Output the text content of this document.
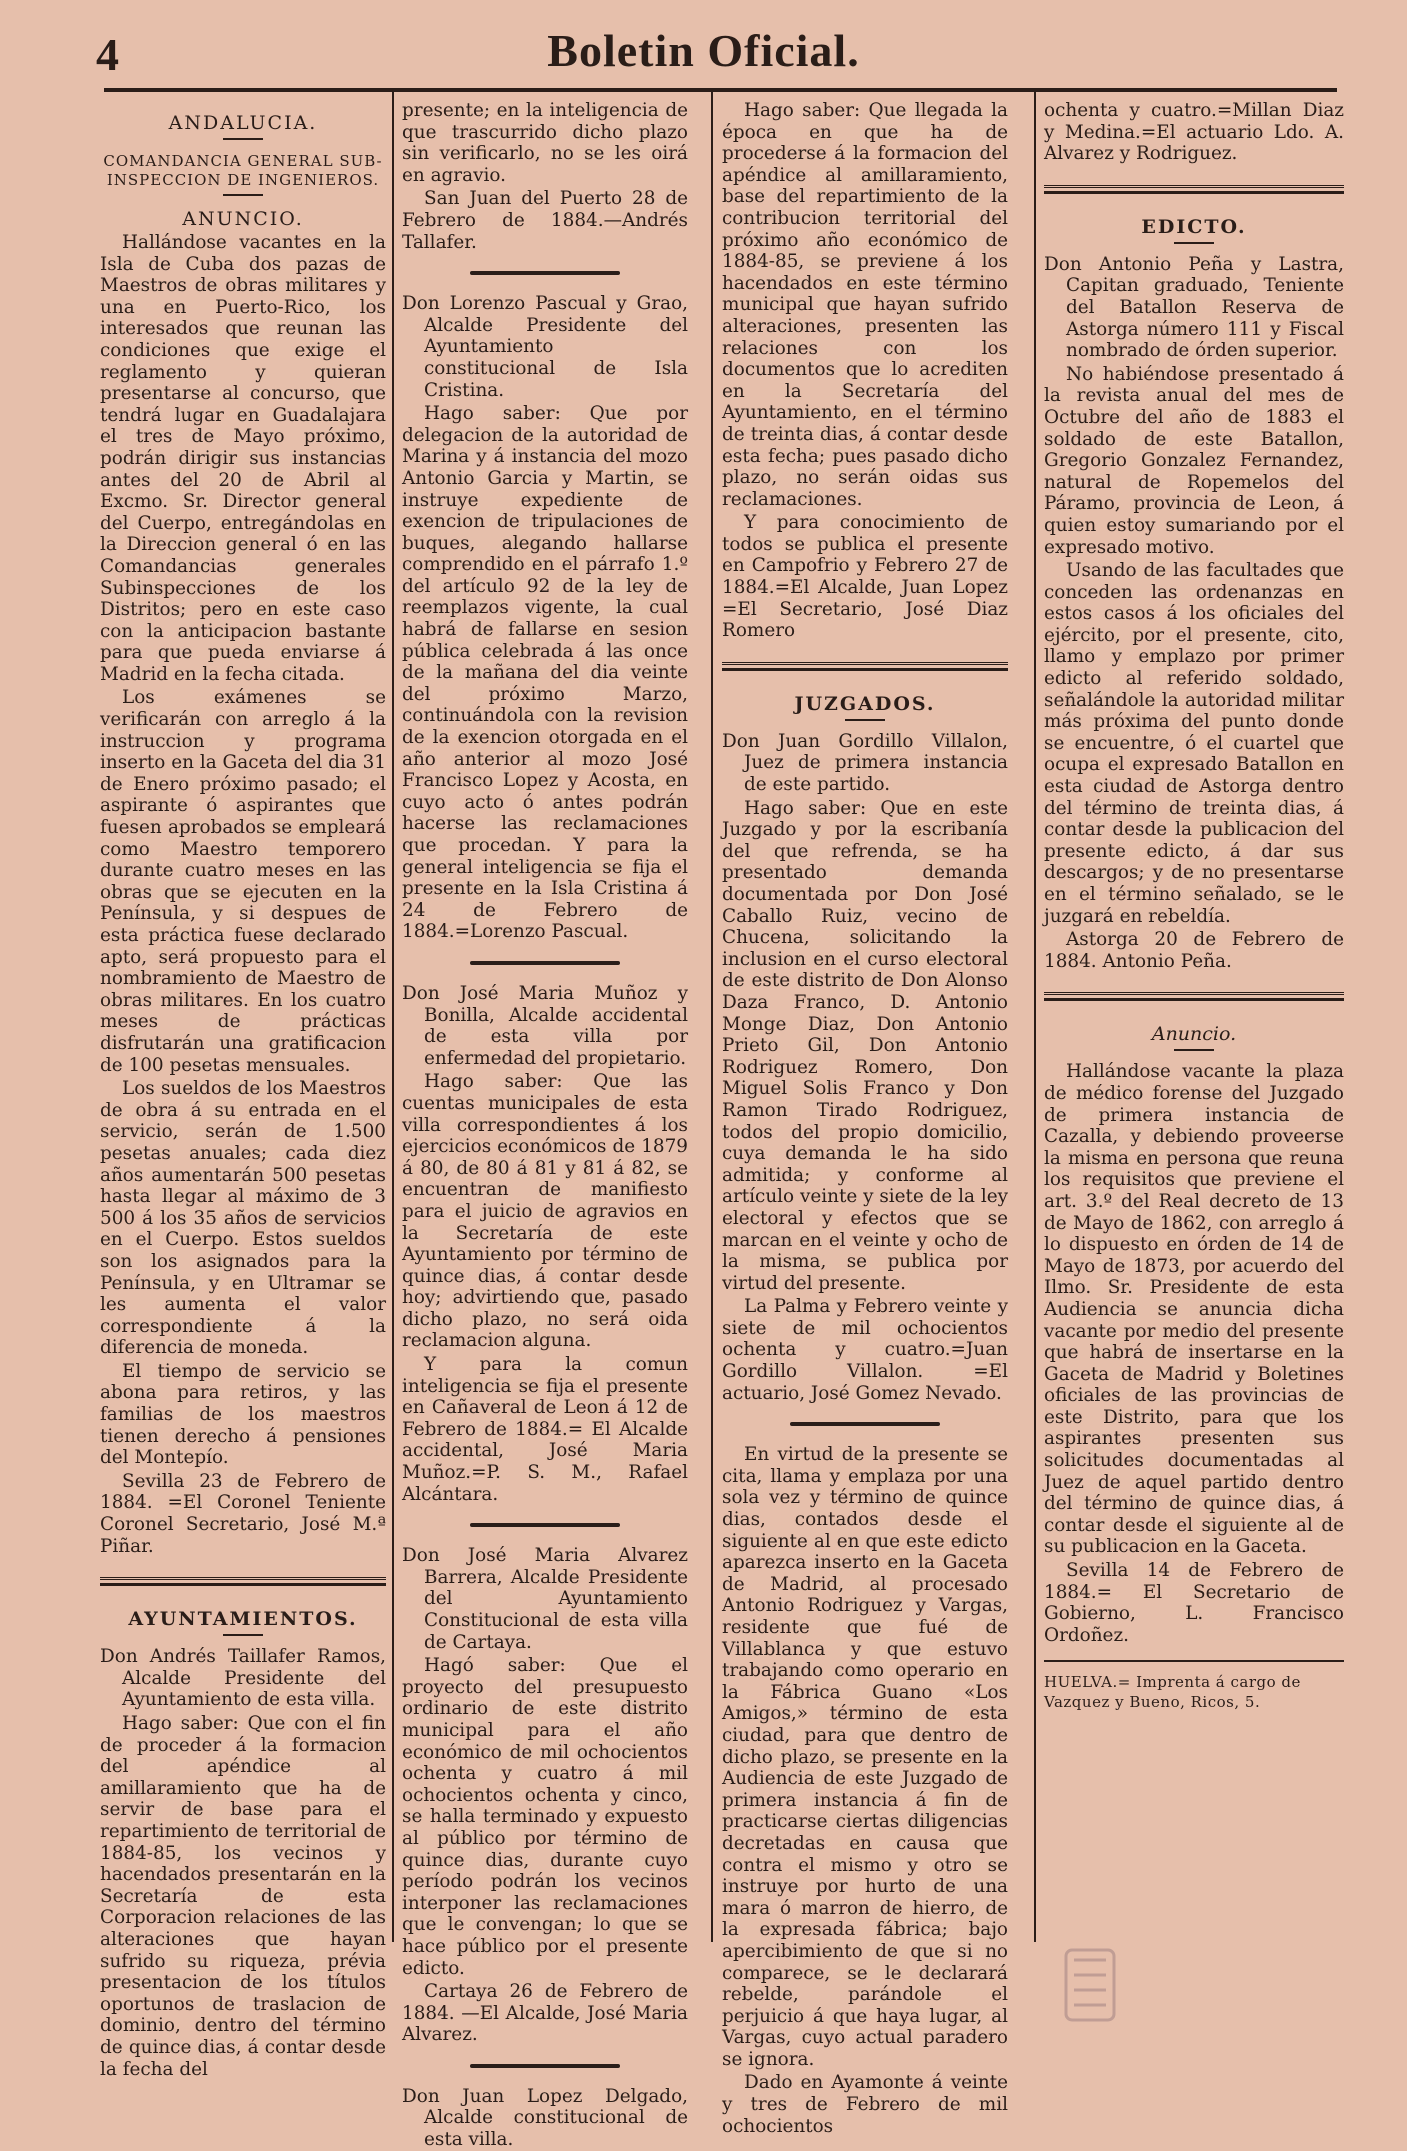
4	Boletin Oficial.
ANDALUCIA.
COMANDANCIA GENERAL SUB-INSPECCION DE INGENIEROS.
ANUNCIO.

Hallándose vacantes en la Isla de Cuba dos pazas de Maestros de obras militares y una en Puerto-Rico, los interesados que reunan las condiciones que exige el reglamento y quieran presentarse al concurso, que tendrá lugar en Guadalajara el tres de Mayo próximo, podrán dirigir sus instancias antes del 20 de Abril al Excmo. Sr. Director general del Cuerpo, entregándolas en la Direccion general ó en las Comandancias generales Subinspecciones de los Distritos; pero en este caso con la anticipacion bastante para que pueda enviarse á Madrid en la fecha citada.

Los exámenes se verificarán con arreglo á la instruccion y programa inserto en la Gaceta del dia 31 de Enero próximo pasado; el aspirante ó aspirantes que fuesen aprobados se empleará como Maestro temporero durante cuatro meses en las obras que se ejecuten en la Península, y si despues de esta práctica fuese declarado apto, será propuesto para el nombramiento de Maestro de obras militares. En los cuatro meses de prácticas disfrutarán una gratificacion de 100 pesetas mensuales.

Los sueldos de los Maestros de obra á su entrada en el servicio, serán de 1.500 pesetas anuales; cada diez años aumentarán 500 pesetas hasta llegar al máximo de 3 500 á los 35 años de servicios en el Cuerpo. Estos sueldos son los asignados para la Península, y en Ultramar se les aumenta el valor correspondiente á la diferencia de moneda.

El tiempo de servicio se abona para retiros, y las familias de los maestros tienen derecho á pensiones del Montepío.

Sevilla 23 de Febrero de 1884. =El Coronel Teniente Coronel Secretario, José M.ª Piñar.

AYUNTAMIENTOS.

Don Andrés Taillafer Ramos, Alcalde Presidente del Ayuntamiento de esta villa.

Hago saber: Que con el fin de proceder á la formacion del apéndice al amillaramiento que ha de servir de base para el repartimiento de territorial de 1884-85, los vecinos y hacendados presentarán en la Secretaría de esta Corporacion relaciones de las alteraciones que hayan sufrido su riqueza, prévia presentacion de los títulos oportunos de traslacion de dominio, dentro del término de quince dias, á contar desde la fecha del

presente; en la inteligencia de que trascurrido dicho plazo sin verificarlo, no se les oirá en agravio.

San Juan del Puerto 28 de Febrero de 1884.—Andrés Tallafer.

Don Lorenzo Pascual y Grao, Alcalde Presidente del Ayuntamiento constitucional de Isla Cristina.

Hago saber: Que por delegacion de la autoridad de Marina y á instancia del mozo Antonio Garcia y Martin, se instruye expediente de exencion de tripulaciones de buques, alegando hallarse comprendido en el párrafo 1.º del artículo 92 de la ley de reemplazos vigente, la cual habrá de fallarse en sesion pública celebrada á las once de la mañana del dia veinte del próximo Marzo, continuándola con la revision de la exencion otorgada en el año anterior al mozo José Francisco Lopez y Acosta, en cuyo acto ó antes podrán hacerse las reclamaciones que procedan. Y para la general inteligencia se fija el presente en la Isla Cristina á 24 de Febrero de 1884.=Lorenzo Pascual.

Don José Maria Muñoz y Bonilla, Alcalde accidental de esta villa por enfermedad del propietario.

Hago saber: Que las cuentas municipales de esta villa correspondientes á los ejercicios económicos de 1879 á 80, de 80 á 81 y 81 á 82, se encuentran de manifiesto para el juicio de agravios en la Secretaría de este Ayuntamiento por término de quince dias, á contar desde hoy; advirtiendo que, pasado dicho plazo, no será oida reclamacion alguna.

Y para la comun inteligencia se fija el presente en Cañaveral de Leon á 12 de Febrero de 1884.= El Alcalde accidental, José Maria Muñoz.=P. S. M., Rafael Alcántara.

Don José Maria Alvarez Barrera, Alcalde Presidente del Ayuntamiento Constitucional de esta villa de Cartaya.

Hagó saber: Que el proyecto del presupuesto ordinario de este distrito municipal para el año económico de mil ochocientos ochenta y cuatro á mil ochocientos ochenta y cinco, se halla terminado y expuesto al público por término de quince dias, durante cuyo período podrán los vecinos interponer las reclamaciones que le convengan; lo que se hace público por el presente edicto.

Cartaya 26 de Febrero de 1884. —El Alcalde, José Maria Alvarez.

Don Juan Lopez Delgado, Alcalde constitucional de esta villa.

Hago saber: Que llegada la época en que ha de procederse á la formacion del apéndice al amillaramiento, base del repartimiento de la contribucion territorial del próximo año económico de 1884-85, se previene á los hacendados en este término municipal que hayan sufrido alteraciones, presenten las relaciones con los documentos que lo acrediten en la Secretaría del Ayuntamiento, en el término de treinta dias, á contar desde esta fecha; pues pasado dicho plazo, no serán oidas sus reclamaciones.

Y para conocimiento de todos se publica el presente en Campofrio y Febrero 27 de 1884.=El Alcalde, Juan Lopez =El Secretario, José Diaz Romero

JUZGADOS.

Don Juan Gordillo Villalon, Juez de primera instancia de este partido.

Hago saber: Que en este Juzgado y por la escribanía del que refrenda, se ha presentado demanda documentada por Don José Caballo Ruiz, vecino de Chucena, solicitando la inclusion en el curso electoral de este distrito de Don Alonso Daza Franco, D. Antonio Monge Diaz, Don Antonio Prieto Gil, Don Antonio Rodriguez Romero, Don Miguel Solis Franco y Don Ramon Tirado Rodriguez, todos del propio domicilio, cuya demanda le ha sido admitida; y conforme al artículo veinte y siete de la ley electoral y efectos que se marcan en el veinte y ocho de la misma, se publica por virtud del presente.

La Palma y Febrero veinte y siete de mil ochocientos ochenta y cuatro.=Juan Gordillo Villalon. =El actuario, José Gomez Nevado.

En virtud de la presente se cita, llama y emplaza por una sola vez y término de quince dias, contados desde el siguiente al en que este edicto aparezca inserto en la Gaceta de Madrid, al procesado Antonio Rodriguez y Vargas, residente que fué de Villablanca y que estuvo trabajando como operario en la Fábrica Guano «Los Amigos,» término de esta ciudad, para que dentro de dicho plazo, se presente en la Audiencia de este Juzgado de primera instancia á fin de practicarse ciertas diligencias decretadas en causa que contra el mismo y otro se instruye por hurto de una mara ó marron de hierro, de la expresada fábrica; bajo apercibimiento de que si no comparece, se le declarará rebelde, parándole el perjuicio á que haya lugar, al Vargas, cuyo actual paradero se ignora.

Dado en Ayamonte á veinte y tres de Febrero de mil ochocientos

ochenta y cuatro.=Millan Diaz y Medina.=El actuario Ldo. A. Alvarez y Rodriguez.

EDICTO.

Don Antonio Peña y Lastra, Capitan graduado, Teniente del Batallon Reserva de Astorga número 111 y Fiscal nombrado de órden superior.

No habiéndose presentado á la revista anual del mes de Octubre del año de 1883 el soldado de este Batallon, Gregorio Gonzalez Fernandez, natural de Ropemelos del Páramo, provincia de Leon, á quien estoy sumariando por el expresado motivo.

Usando de las facultades que conceden las ordenanzas en estos casos á los oficiales del ejército, por el presente, cito, llamo y emplazo por primer edicto al referido soldado, señalándole la autoridad militar más próxima del punto donde se encuentre, ó el cuartel que ocupa el expresado Batallon en esta ciudad de Astorga dentro del término de treinta dias, á contar desde la publicacion del presente edicto, á dar sus descargos; y de no presentarse en el término señalado, se le juzgará en rebeldía.

Astorga 20 de Febrero de 1884. Antonio Peña.

Anuncio.

Hallándose vacante la plaza de médico forense del Juzgado de primera instancia de Cazalla, y debiendo proveerse la misma en persona que reuna los requisitos que previene el art. 3.º del Real decreto de 13 de Mayo de 1862, con arreglo á lo dispuesto en órden de 14 de Mayo de 1873, por acuerdo del Ilmo. Sr. Presidente de esta Audiencia se anuncia dicha vacante por medio del presente que habrá de insertarse en la Gaceta de Madrid y Boletines oficiales de las provincias de este Distrito, para que los aspirantes presenten sus solicitudes documentadas al Juez de aquel partido dentro del término de quince dias, á contar desde el siguiente al de su publicacion en la Gaceta.

Sevilla 14 de Febrero de 1884.= El Secretario de Gobierno, L. Francisco Ordoñez.

HUELVA.= Imprenta á cargo de Vazquez y Bueno, Ricos, 5.
